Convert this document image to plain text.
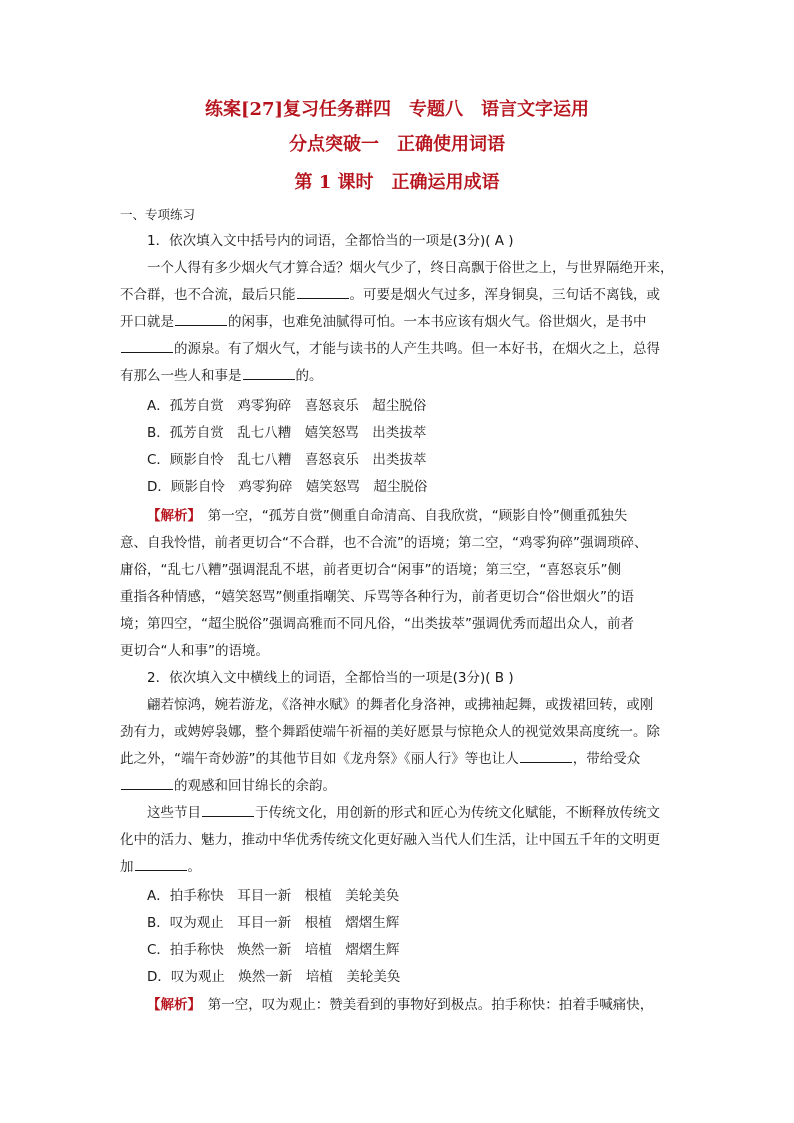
练案[27]复习任务群四　专题八　语言文字运用
分点突破一　正确使用词语
第 1 课时　正确运用成语
一、专项练习
1．依次填入文中括号内的词语，全都恰当的一项是(3分)( A )
一个人得有多少烟火气才算合适？烟火气少了，终日高飘于俗世之上，与世界隔绝开来，
不合群，也不合流，最后只能	。可要是烟火气过多，浑身铜臭，三句话不离钱，或
开口就是	的闲事，也难免油腻得可怕。一本书应该有烟火气。俗世烟火，是书中
的源泉。有了烟火气，才能与读书的人产生共鸣。但一本好书，在烟火之上，总得
有那么一些人和事是	的。
A．孤芳自赏　鸡零狗碎　喜怒哀乐　超尘脱俗
B．孤芳自赏　乱七八糟　嬉笑怒骂　出类拔萃
C．顾影自怜　乱七八糟　喜怒哀乐　出类拔萃
D．顾影自怜　鸡零狗碎　嬉笑怒骂　超尘脱俗
【解析】　第一空，“孤芳自赏”侧重自命清高、自我欣赏，“顾影自怜”侧重孤独失
意、自我怜惜，前者更切合“不合群，也不合流”的语境；第二空，“鸡零狗碎”强调琐碎、
庸俗，“乱七八糟”强调混乱不堪，前者更切合“闲事”的语境；第三空，“喜怒哀乐”侧
重指各种情感，“嬉笑怒骂”侧重指嘲笑、斥骂等各种行为，前者更切合“俗世烟火”的语
境；第四空，“超尘脱俗”强调高雅而不同凡俗，“出类拔萃”强调优秀而超出众人，前者
更切合“人和事”的语境。
2．依次填入文中横线上的词语，全都恰当的一项是(3分)( B )
翩若惊鸿，婉若游龙，《洛神水赋》的舞者化身洛神，或拂袖起舞，或拨裙回转，或刚
劲有力，或娉婷袅娜，整个舞蹈使端午祈福的美好愿景与惊艳众人的视觉效果高度统一。除
此之外，“端午奇妙游”的其他节目如《龙舟祭》《丽人行》等也让人	，带给受众
的观感和回甘绵长的余韵。
这些节目	于传统文化，用创新的形式和匠心为传统文化赋能，不断释放传统文
化中的活力、魅力，推动中华优秀传统文化更好融入当代人们生活，让中国五千年的文明更
加	。
A．拍手称快　耳目一新　根植　美轮美奂
B．叹为观止　耳目一新　根植　熠熠生辉
C．拍手称快　焕然一新　培植　熠熠生辉
D．叹为观止　焕然一新　培植　美轮美奂
【解析】　第一空，叹为观止：赞美看到的事物好到极点。拍手称快：拍着手喊痛快，
